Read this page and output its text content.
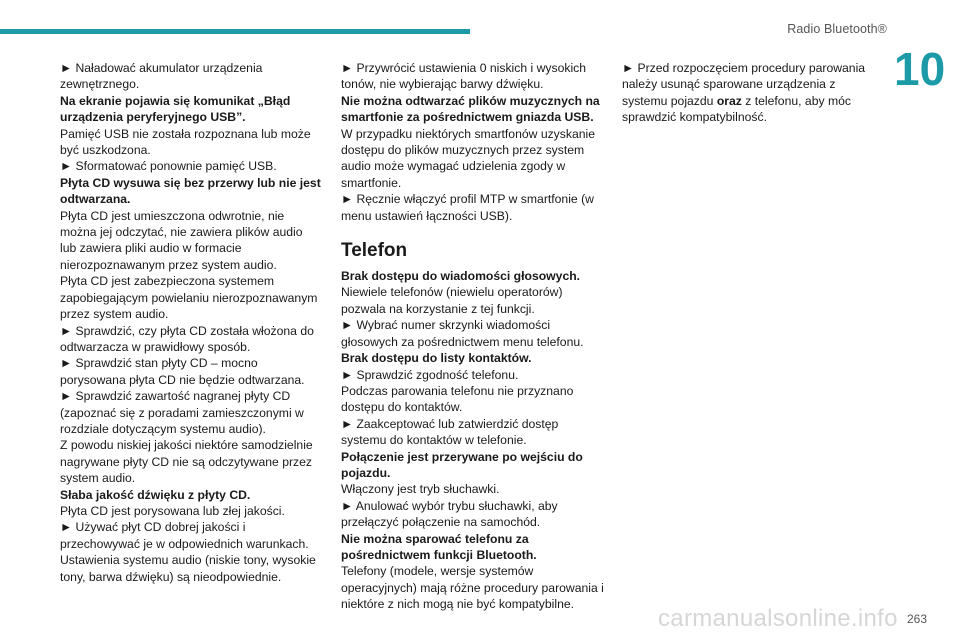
Radio Bluetooth®
10

► Naładować akumulator urządzenia zewnętrznego.

Na ekranie pojawia się komunikat „Błąd urządzenia peryferyjnego USB”.

Pamięć USB nie została rozpoznana lub może być uszkodzona.

► Sformatować ponownie pamięć USB.

Płyta CD wysuwa się bez przerwy lub nie jest odtwarzana.

Płyta CD jest umieszczona odwrotnie, nie można jej odczytać, nie zawiera plików audio lub zawiera pliki audio w formacie nierozpoznawanym przez system audio.

Płyta CD jest zabezpieczona systemem zapobiegającym powielaniu nierozpoznawanym przez system audio.

► Sprawdzić, czy płyta CD została włożona do odtwarzacza w prawidłowy sposób.

► Sprawdzić stan płyty CD – mocno porysowana płyta CD nie będzie odtwarzana.

► Sprawdzić zawartość nagranej płyty CD (zapoznać się z poradami zamieszczonymi w rozdziale dotyczącym systemu audio).

Z powodu niskiej jakości niektóre samodzielnie nagrywane płyty CD nie są odczytywane przez system audio.

Słaba jakość dźwięku z płyty CD.

Płyta CD jest porysowana lub złej jakości.

► Używać płyt CD dobrej jakości i przechowywać je w odpowiednich warunkach.

Ustawienia systemu audio (niskie tony, wysokie tony, barwa dźwięku) są nieodpowiednie.

► Przywrócić ustawienia 0 niskich i wysokich tonów, nie wybierając barwy dźwięku.

Nie można odtwarzać plików muzycznych na smartfonie za pośrednictwem gniazda USB.

W przypadku niektórych smartfonów uzyskanie dostępu do plików muzycznych przez system audio może wymagać udzielenia zgody w smartfonie.

► Ręcznie włączyć profil MTP w smartfonie (w menu ustawień łączności USB).

Telefon

Brak dostępu do wiadomości głosowych.

Niewiele telefonów (niewielu operatorów) pozwala na korzystanie z tej funkcji.

► Wybrać numer skrzynki wiadomości głosowych za pośrednictwem menu telefonu.

Brak dostępu do listy kontaktów.

► Sprawdzić zgodność telefonu.

Podczas parowania telefonu nie przyznano dostępu do kontaktów.

► Zaakceptować lub zatwierdzić dostęp systemu do kontaktów w telefonie.

Połączenie jest przerywane po wejściu do pojazdu.

Włączony jest tryb słuchawki.

► Anulować wybór trybu słuchawki, aby przełączyć połączenie na samochód.

Nie można sparować telefonu za pośrednictwem funkcji Bluetooth.

Telefony (modele, wersje systemów operacyjnych) mają różne procedury parowania i niektóre z nich mogą nie być kompatybilne.

► Przed rozpoczęciem procedury parowania należy usunąć sparowane urządzenia z systemu pojazdu oraz z telefonu, aby móc sprawdzić kompatybilność.

carmanualsonline.info 263
